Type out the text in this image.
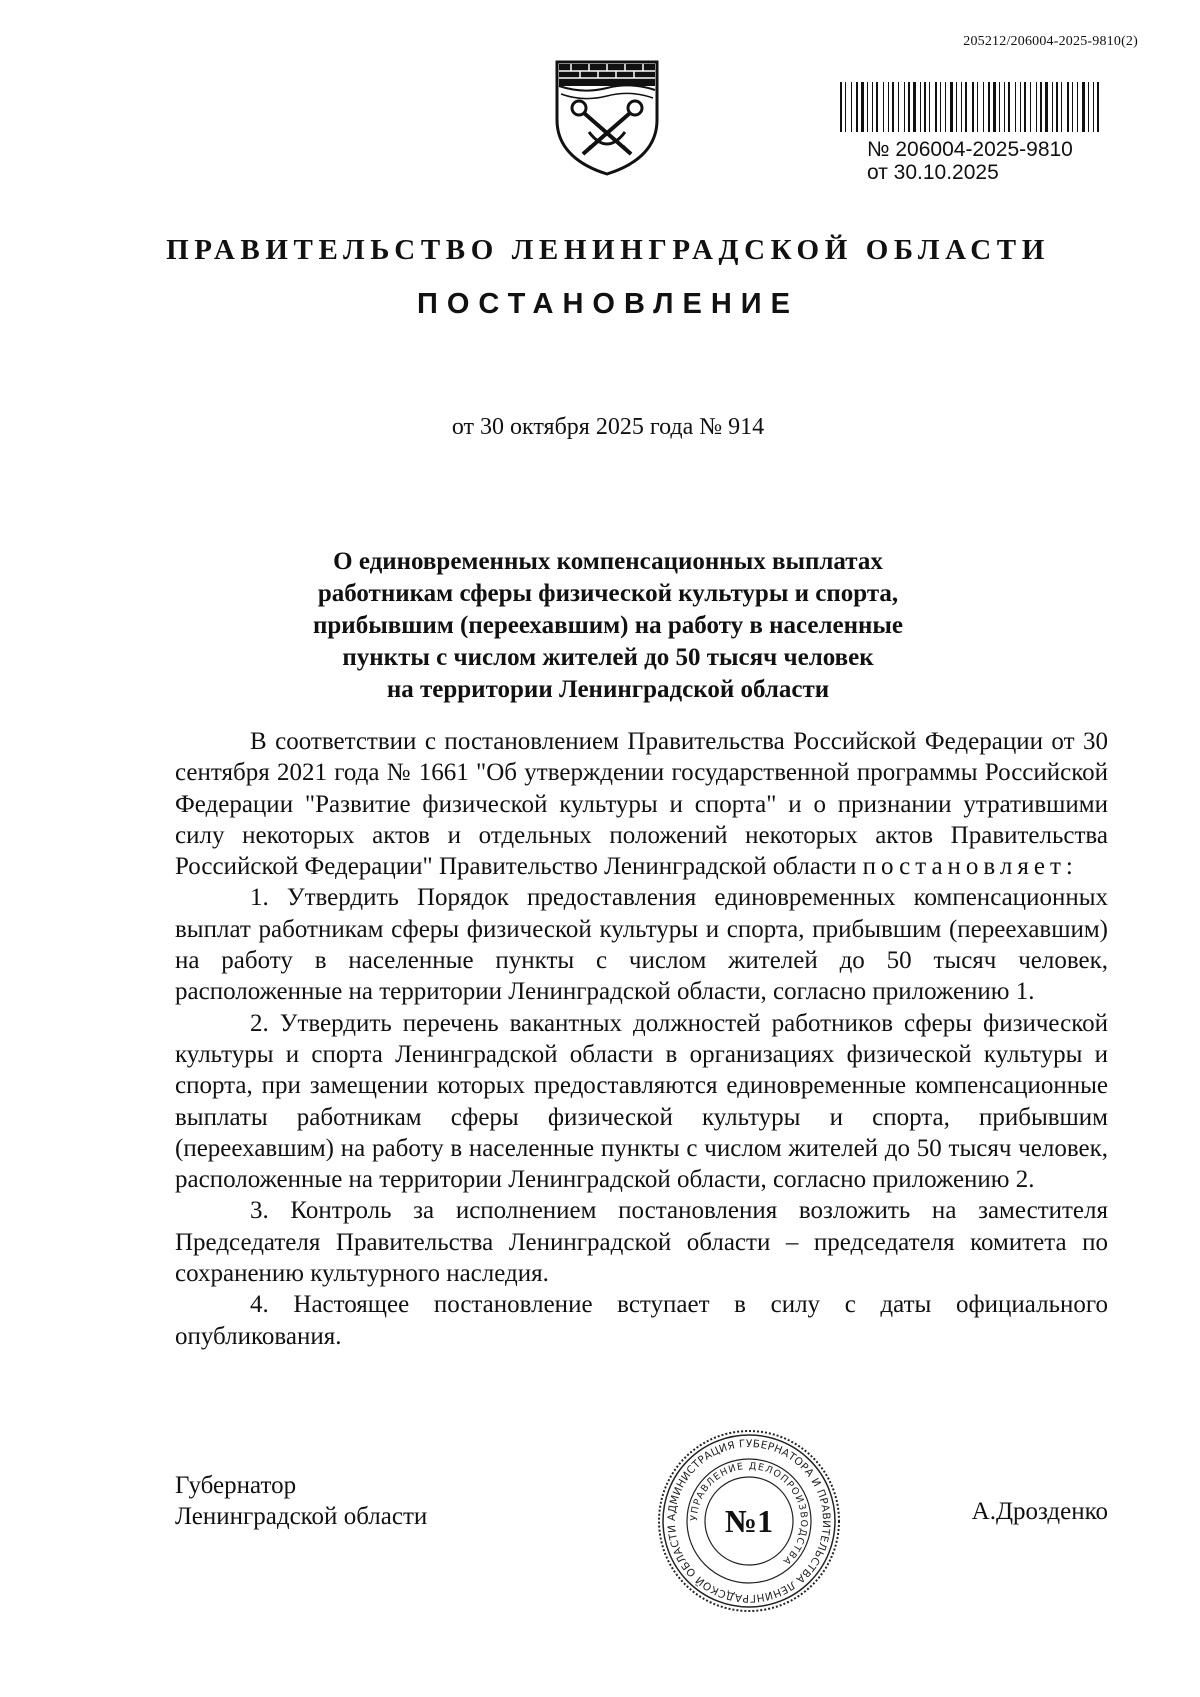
205212/206004-2025-9810(2)
№ 206004-2025-9810
от 30.10.2025
ПРАВИТЕЛЬСТВО ЛЕНИНГРАДСКОЙ ОБЛАСТИ
ПОСТАНОВЛЕНИЕ
от 30 октября 2025 года № 914
О единовременных компенсационных выплатах
работникам сферы физической культуры и спорта,
прибывшим (переехавшим) на работу в населенные
пункты с числом жителей до 50 тысяч человек
на территории Ленинградской области

В соответствии с постановлением Правительства Российской Федерации от 30 сентября 2021 года № 1661 "Об утверждении государственной программы Российской Федерации "Развитие физической культуры и спорта" и о признании утратившими силу некоторых актов и отдельных положений некоторых актов Правительства Российской Федерации" Правительство Ленинградской области постановляет:

1. Утвердить Порядок предоставления единовременных компенсационных выплат работникам сферы физической культуры и спорта, прибывшим (переехавшим) на работу в населенные пункты с числом жителей до 50 тысяч человек, расположенные на территории Ленинградской области, согласно приложению 1.

2. Утвердить перечень вакантных должностей работников сферы физической культуры и спорта Ленинградской области в организациях физической культуры и спорта, при замещении которых предоставляются единовременные компенсационные выплаты работникам сферы физической культуры и спорта, прибывшим (переехавшим) на работу в населенные пункты с числом жителей до 50 тысяч человек, расположенные на территории Ленинградской области, согласно приложению 2.

3. Контроль за исполнением постановления возложить на заместителя Председателя Правительства Ленинградской области – председателя комитета по сохранению культурного наследия.

4. Настоящее постановление вступает в силу с даты официального опубликования.

Губернатор
Ленинградской области	А.Дрозденко
АДМИНИСТРАЦИЯ ГУБЕРНАТОРА И ПРАВИТЕЛЬСТВА ЛЕНИНГРАДСКОЙ ОБЛАСТИ
УПРАВЛЕНИЕ ДЕЛОПРОИЗВОДСТВА
№1
